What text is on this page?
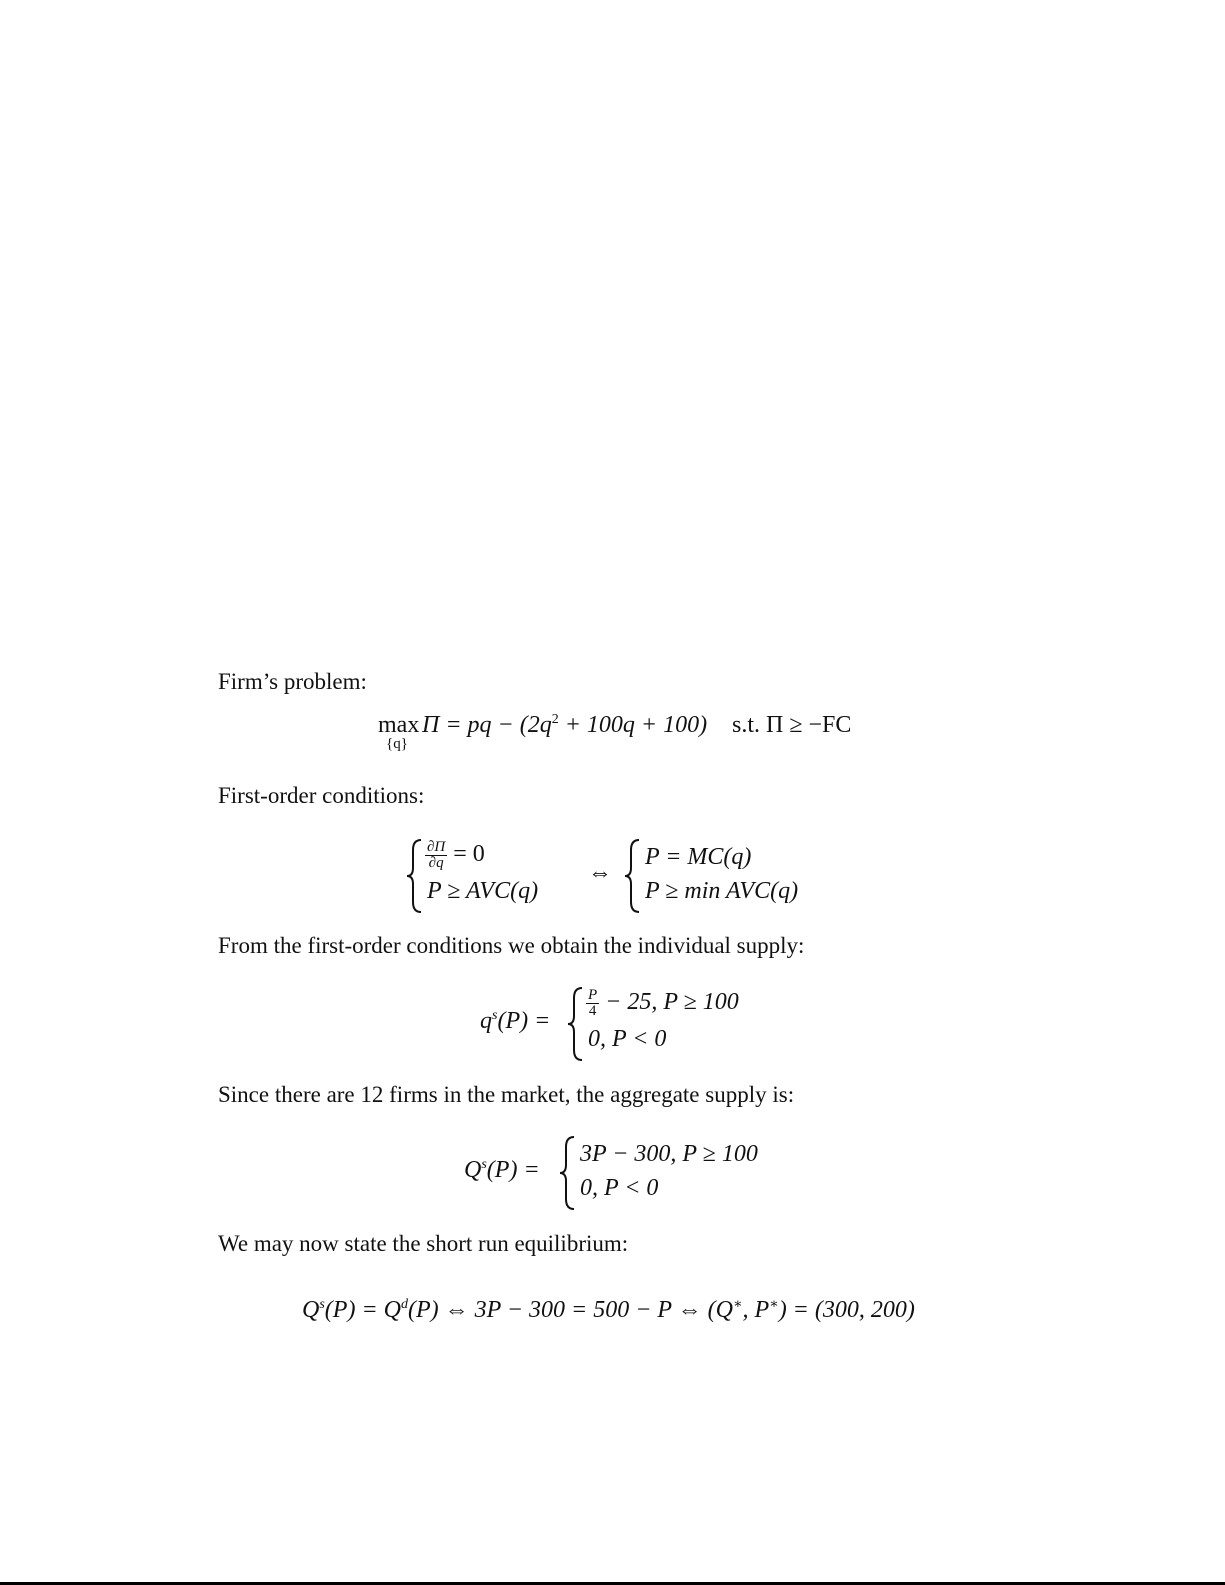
Firm’s problem:
max
{q}
Π = pq − $(2q^2 + 100q + 100)$ s.t. Π ≥ −FC
First-order conditions:
$\frac{\partial\Pi}{\partial q} = 0$
P ≥ AVC(q)
⇔
P = MC(q)
P ≥ min AVC(q)
From the first-order conditions we obtain the individual supply:
$q^s(P)$ =
$\frac{P}{4} - 25$, P ≥ 100
0, P < 0
Since there are 12 firms in the market, the aggregate supply is:
$Q^s(P)$ =
3P − 300, P ≥ 100
0, P < 0
We may now state the short run equilibrium:
$Q^s(P) = Q^d(P)$ ⇔ 3P − 300 = 500 − P ⇔ (Q∗, P∗) = (300, 200)
